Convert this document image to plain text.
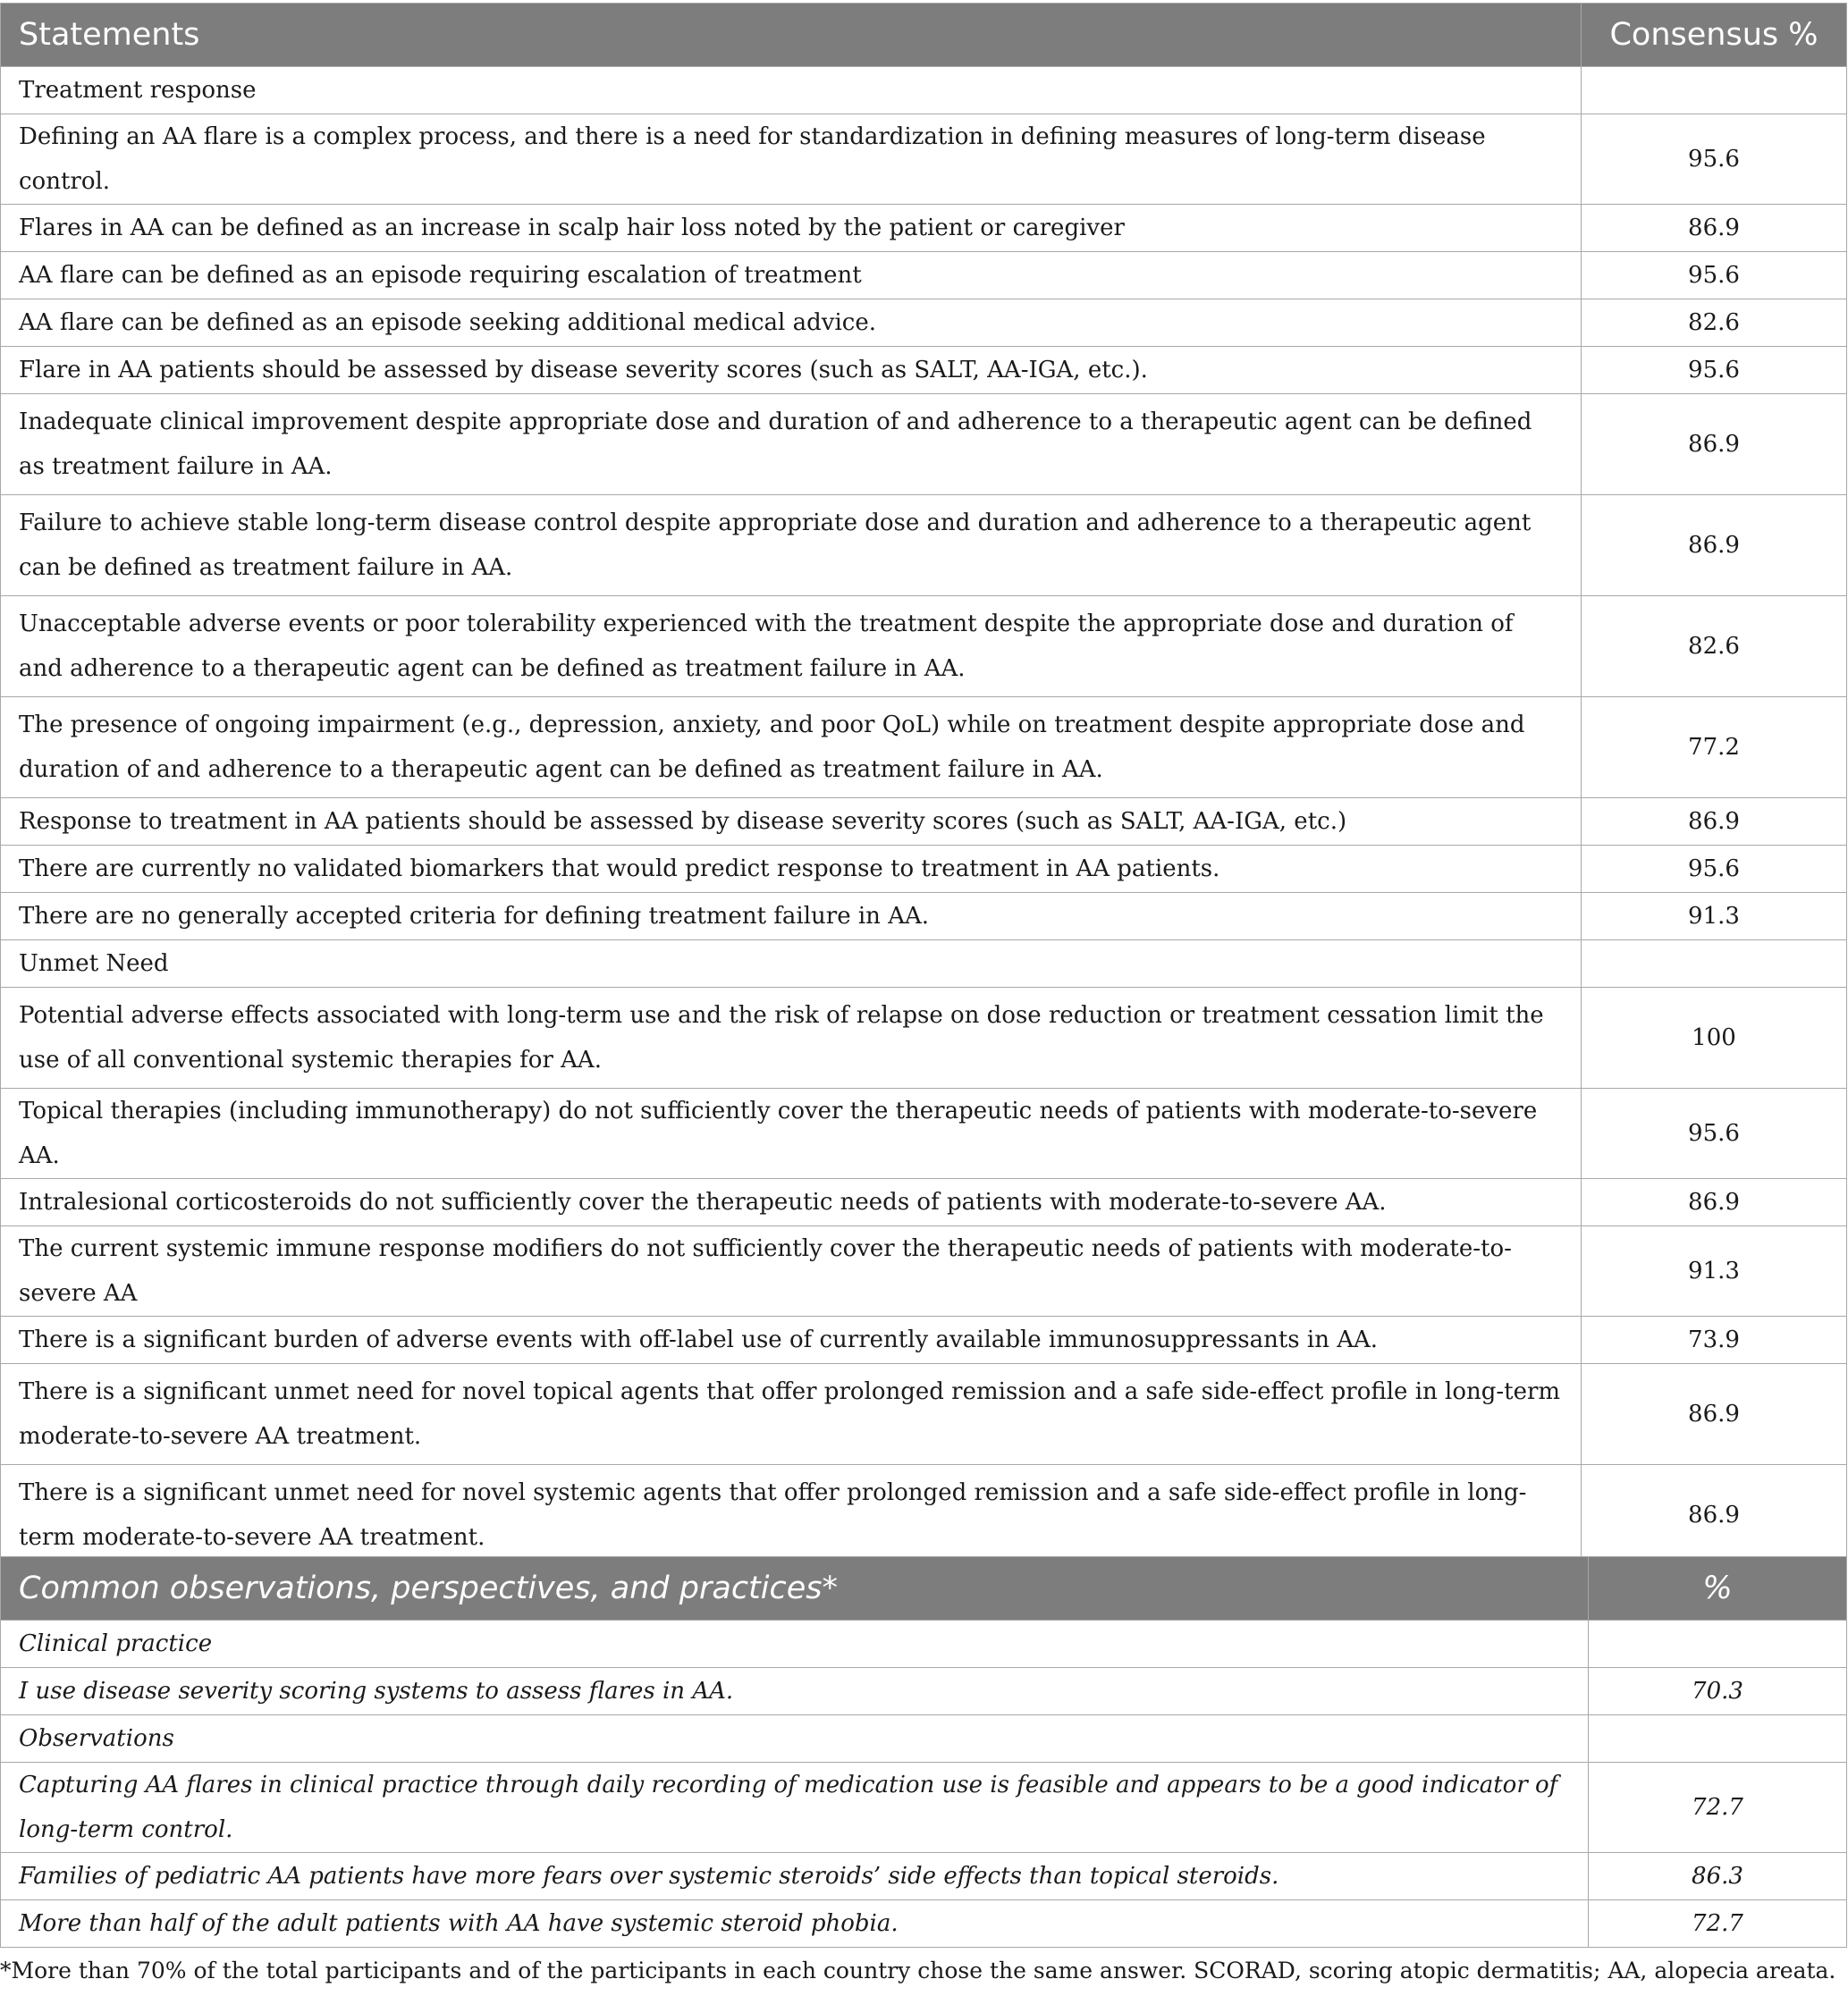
Statements	Consensus %
Treatment response	
Defining an AA flare is a complex process, and there is a need for standardization in defining measures of long-term disease control.	95.6
Flares in AA can be defined as an increase in scalp hair loss noted by the patient or caregiver	86.9
AA flare can be defined as an episode requiring escalation of treatment	95.6
AA flare can be defined as an episode seeking additional medical advice.	82.6
Flare in AA patients should be assessed by disease severity scores (such as SALT, AA-IGA, etc.).	95.6
Inadequate clinical improvement despite appropriate dose and duration of and adherence to a therapeutic agent can be defined as treatment failure in AA.	86.9
Failure to achieve stable long-term disease control despite appropriate dose and duration and adherence to a therapeutic agent can be defined as treatment failure in AA.	86.9
Unacceptable adverse events or poor tolerability experienced with the treatment despite the appropriate dose and duration of and adherence to a therapeutic agent can be defined as treatment failure in AA.	82.6
The presence of ongoing impairment (e.g., depression, anxiety, and poor QoL) while on treatment despite appropriate dose and duration of and adherence to a therapeutic agent can be defined as treatment failure in AA.	77.2
Response to treatment in AA patients should be assessed by disease severity scores (such as SALT, AA-IGA, etc.)	86.9
There are currently no validated biomarkers that would predict response to treatment in AA patients.	95.6
There are no generally accepted criteria for defining treatment failure in AA.	91.3
Unmet Need	
Potential adverse effects associated with long-term use and the risk of relapse on dose reduction or treatment cessation limit the use of all conventional systemic therapies for AA.	100
Topical therapies (including immunotherapy) do not sufficiently cover the therapeutic needs of patients with moderate-to-severe AA.	95.6
Intralesional corticosteroids do not sufficiently cover the therapeutic needs of patients with moderate-to-severe AA.	86.9
The current systemic immune response modifiers do not sufficiently cover the therapeutic needs of patients with moderate-to-severe AA	91.3
There is a significant burden of adverse events with off-label use of currently available immunosuppressants in AA.	73.9
There is a significant unmet need for novel topical agents that offer prolonged remission and a safe side-effect profile in long-term moderate-to-severe AA treatment.	86.9
There is a significant unmet need for novel systemic agents that offer prolonged remission and a safe side-effect profile in long-term moderate-to-severe AA treatment.	86.9
Common observations, perspectives, and practices*	%
Clinical practice	
I use disease severity scoring systems to assess flares in AA.	70.3
Observations	
Capturing AA flares in clinical practice through daily recording of medication use is feasible and appears to be a good indicator of long-term control.	72.7
Families of pediatric AA patients have more fears over systemic steroids’ side effects than topical steroids.	86.3
More than half of the adult patients with AA have systemic steroid phobia.	72.7
*More than 70% of the total participants and of the participants in each country chose the same answer. SCORAD, scoring atopic dermatitis; AA, alopecia areata.
